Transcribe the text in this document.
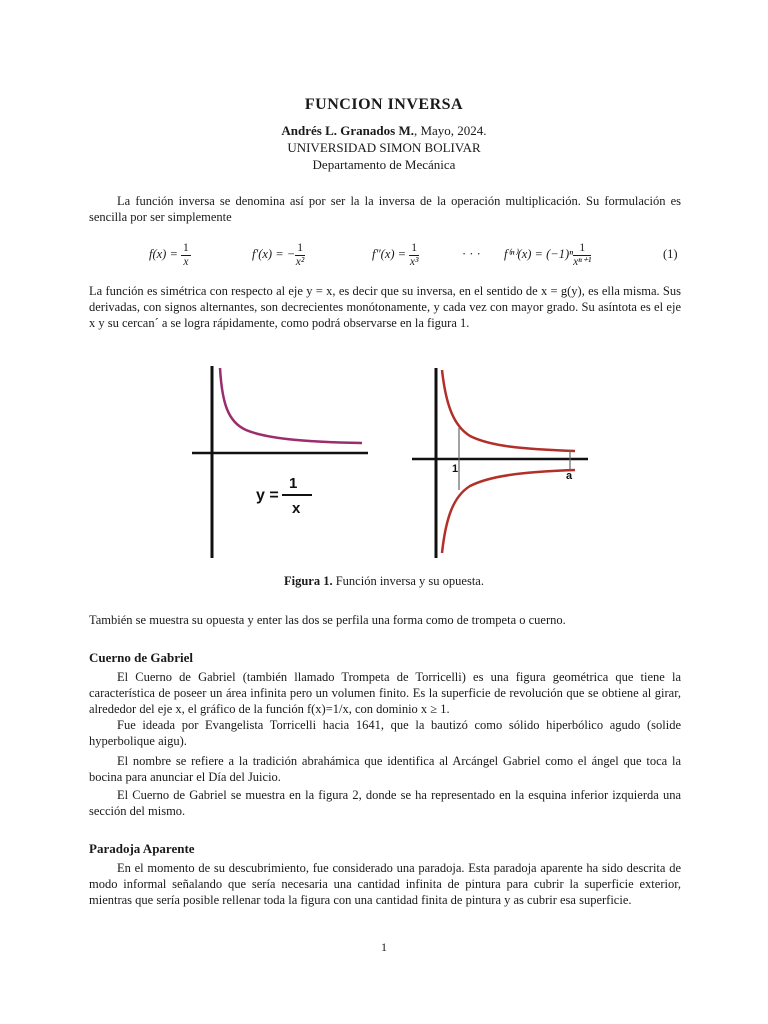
FUNCION INVERSA
Andrés L. Granados M., Mayo, 2024.
UNIVERSIDAD SIMON BOLIVAR
Departamento de Mecánica
La función inversa se denomina así por ser la la inversa de la operación multiplicación. Su formulación es sencilla por ser simplemente
$f(x) = \frac{1}{x}$	f′(x) = − $\frac{1}{\text{x²}}$	$f''(x) = \frac{1}{\text{x³}}$	· · · $f^{(n)}(x) = (-1)^n \frac{1}{\text{xⁿ⁺¹}}$	(1)
La función es simétrica con respecto al eje y = x, es decir que su inversa, en el sentido de x = g(y), es ella misma. Sus derivadas, con signos alternantes, son decrecientes monótonamente, y cada vez con mayor grado. Su asíntota es el eje x y su cercan´ a se logra rápidamente, como podrá observarse en la figura 1.
y =
1
x
1
a
Figura 1. Función inversa y su opuesta.
También se muestra su opuesta y enter las dos se perfila una forma como de trompeta o cuerno.
Cuerno de Gabriel
El Cuerno de Gabriel (también llamado Trompeta de Torricelli) es una figura geométrica que tiene la característica de poseer un área infinita pero un volumen finito. Es la superficie de revolución que se obtiene al girar, alrededor del eje x, el gráfico de la función f(x)=1/x, con dominio x ≥ 1.
Fue ideada por Evangelista Torricelli hacia 1641, que la bautizó como sólido hiperbólico agudo (solide hyperbolique aigu).
El nombre se refiere a la tradición abrahámica que identifica al Arcángel Gabriel como el ángel que toca la bocina para anunciar el Día del Juicio.
El Cuerno de Gabriel se muestra en la figura 2, donde se ha representado en la esquina inferior izquierda una sección del mismo.
Paradoja Aparente
En el momento de su descubrimiento, fue considerado una paradoja. Esta paradoja aparente ha sido descrita de modo informal señalando que sería necesaria una cantidad infinita de pintura para cubrir la superficie exterior, mientras que sería posible rellenar toda la figura con una cantidad finita de pintura y as cubrir esa superficie.
1
